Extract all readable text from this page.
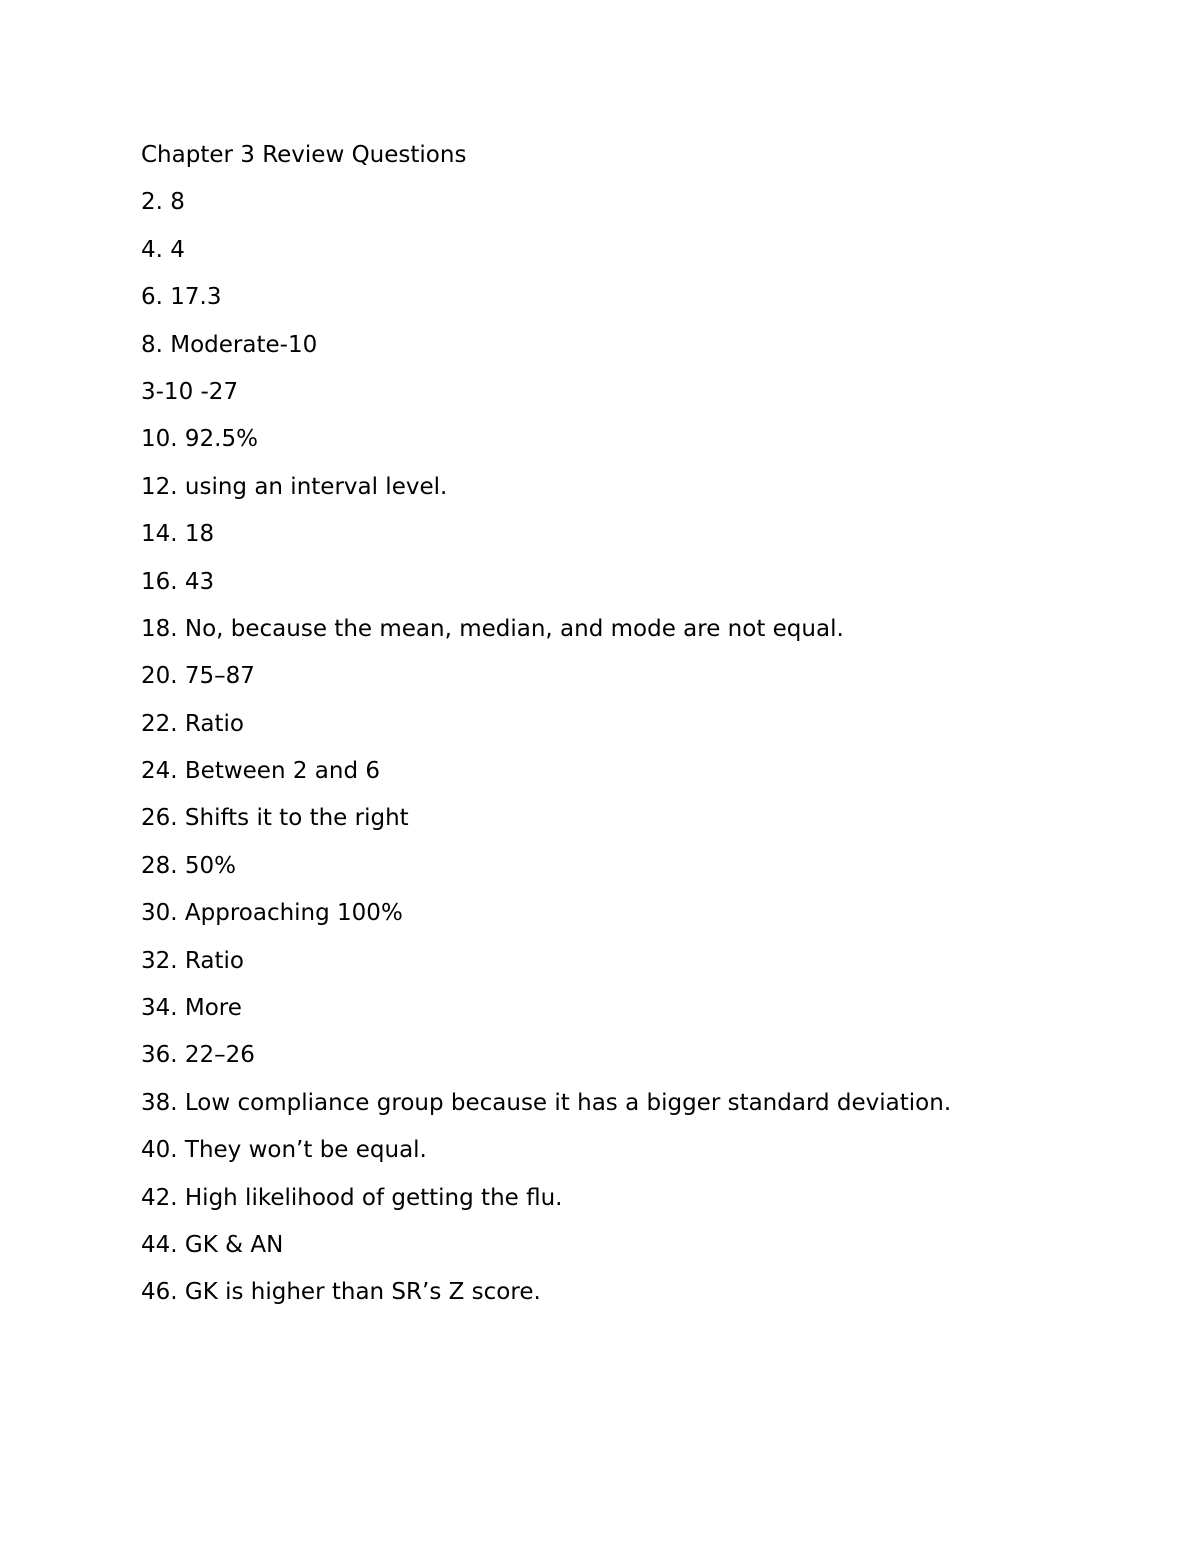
Chapter 3 Review Questions
2. 8
4. 4
6. 17.3
8. Moderate-10
3-10 -27
10. 92.5%
12. using an interval level.
14. 18
16. 43
18. No, because the mean, median, and mode are not equal.
20. 75–87
22. Ratio
24. Between 2 and 6
26. Shifts it to the right
28. 50%
30. Approaching 100%
32. Ratio
34. More
36. 22–26
38. Low compliance group because it has a bigger standard deviation.
40. They won’t be equal.
42. High likelihood of getting the flu.
44. GK & AN
46. GK is higher than SR’s Z score.
